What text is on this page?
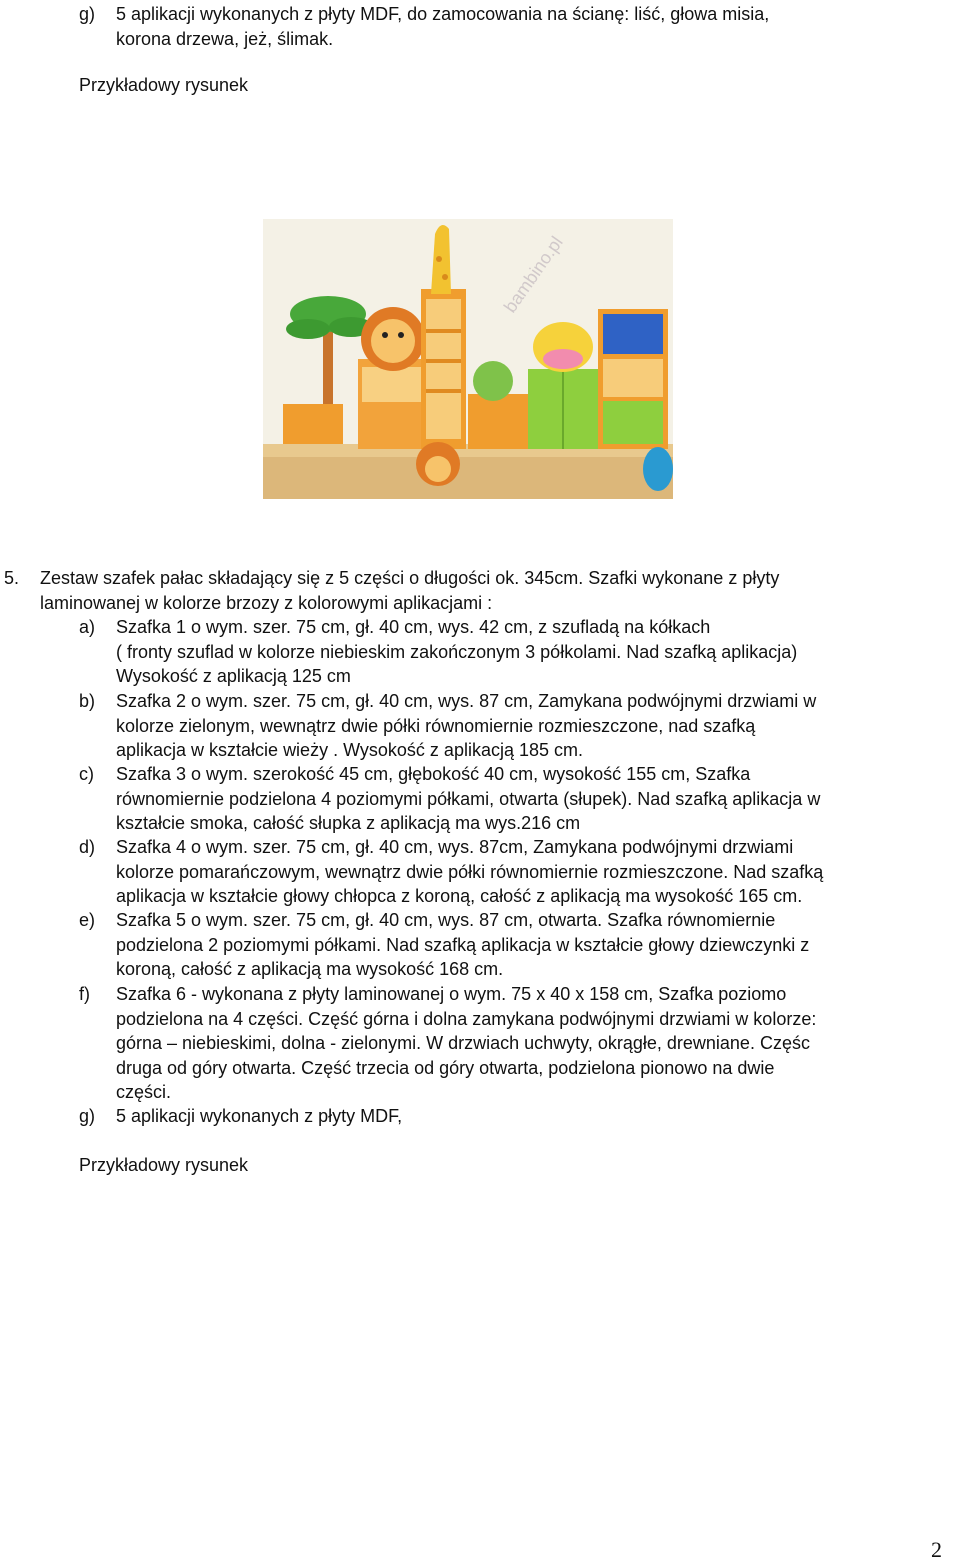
g) 5 aplikacji wykonanych z płyty MDF, do zamocowania na ścianę: liść, głowa misia,
korona drzewa, jeż, ślimak.
Przykładowy rysunek
bambino.pl
5. Zestaw szafek pałac składający się z 5 części o długości ok. 345cm. Szafki wykonane z płyty
laminowanej w kolorze brzozy z kolorowymi aplikacjami :
a) Szafka 1 o wym. szer. 75 cm, gł. 40 cm, wys. 42 cm, z szufladą na kółkach
( fronty szuflad w kolorze niebieskim zakończonym 3 półkolami. Nad szafką aplikacja)
Wysokość z aplikacją 125 cm
b) Szafka 2 o wym. szer. 75 cm, gł. 40 cm, wys. 87 cm, Zamykana podwójnymi drzwiami w
kolorze zielonym, wewnątrz dwie półki równomiernie rozmieszczone, nad szafką
aplikacja w kształcie wieży . Wysokość z aplikacją 185 cm.
c) Szafka 3 o wym. szerokość 45 cm, głębokość 40 cm, wysokość 155 cm, Szafka
równomiernie podzielona 4 poziomymi półkami, otwarta (słupek). Nad szafką aplikacja w
kształcie smoka, całość słupka z aplikacją ma wys.216 cm
d) Szafka 4 o wym. szer. 75 cm, gł. 40 cm, wys. 87cm, Zamykana podwójnymi drzwiami
kolorze pomarańczowym, wewnątrz dwie półki równomiernie rozmieszczone. Nad szafką
aplikacja w kształcie głowy chłopca z koroną, całość z aplikacją ma wysokość 165 cm.
e) Szafka 5 o wym. szer. 75 cm, gł. 40 cm, wys. 87 cm, otwarta. Szafka równomiernie
podzielona 2 poziomymi półkami. Nad szafką aplikacja w kształcie głowy dziewczynki z
koroną, całość z aplikacją ma wysokość 168 cm.
f) Szafka 6 - wykonana z płyty laminowanej o wym. 75 x 40 x 158 cm, Szafka poziomo
podzielona na 4 części. Część górna i dolna zamykana podwójnymi drzwiami w kolorze:
górna – niebieskimi, dolna - zielonymi. W drzwiach uchwyty, okrągłe, drewniane. Częśc
druga od góry otwarta. Część trzecia od góry otwarta, podzielona pionowo na dwie
części.
g) 5 aplikacji wykonanych z płyty MDF,
Przykładowy rysunek
2
